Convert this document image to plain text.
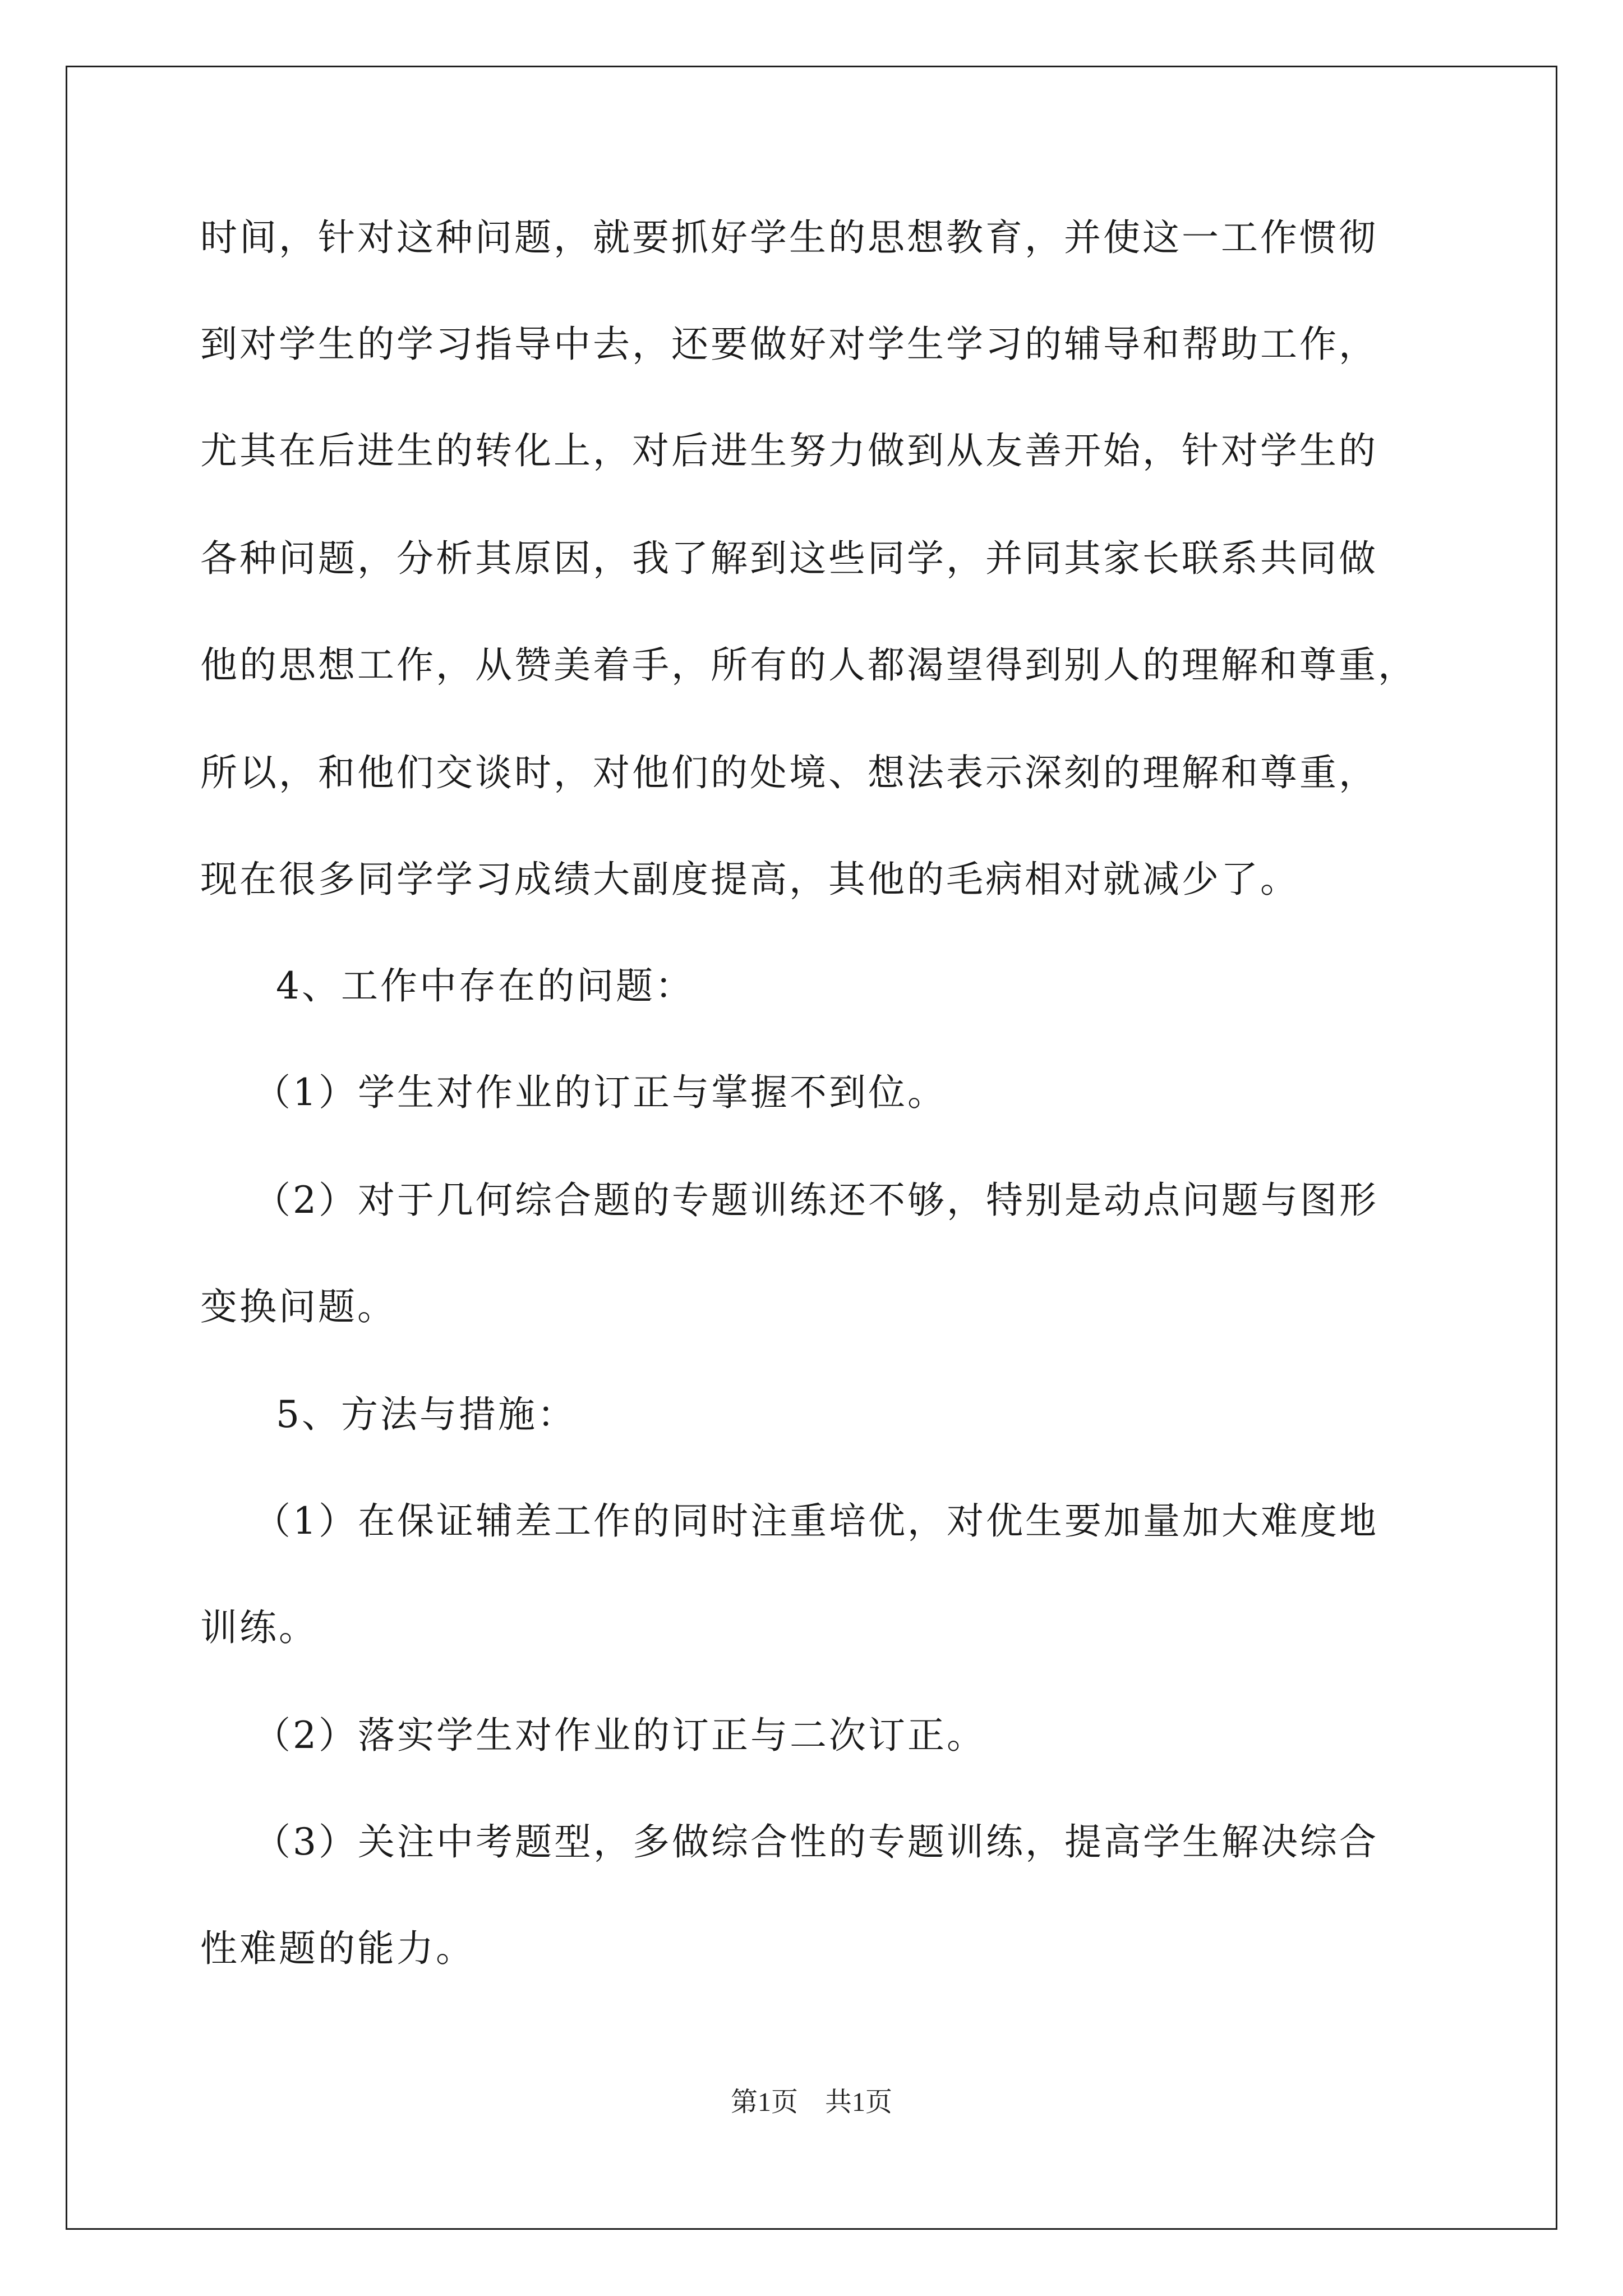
时间，针对这种问题，就要抓好学生的思想教育，并使这一工作惯彻
到对学生的学习指导中去，还要做好对学生学习的辅导和帮助工作，
尤其在后进生的转化上，对后进生努力做到从友善开始，针对学生的
各种问题，分析其原因，我了解到这些同学，并同其家长联系共同做
他的思想工作，从赞美着手，所有的人都渴望得到别人的理解和尊重，
所以，和他们交谈时，对他们的处境、想法表示深刻的理解和尊重，
现在很多同学学习成绩大副度提高，其他的毛病相对就减少了。
4、工作中存在的问题：
（1）学生对作业的订正与掌握不到位。
（2）对于几何综合题的专题训练还不够，特别是动点问题与图形
变换问题。
5、方法与措施：
（1）在保证辅差工作的同时注重培优，对优生要加量加大难度地
训练。
（2）落实学生对作业的订正与二次订正。
（3）关注中考题型，多做综合性的专题训练，提高学生解决综合
性难题的能力。
第1页　共1页
